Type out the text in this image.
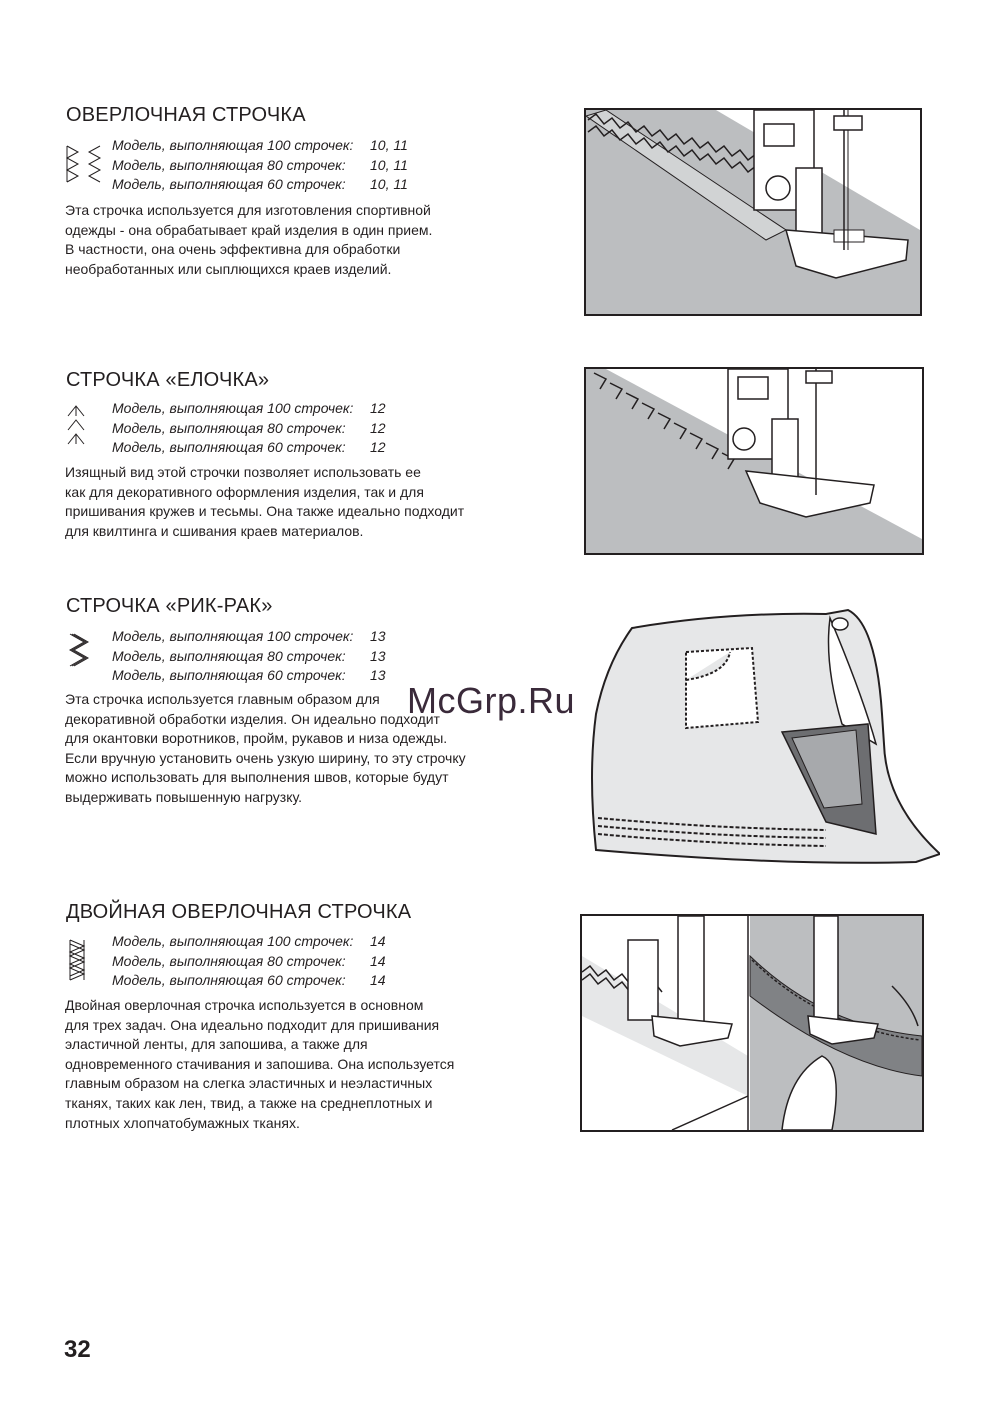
ОВЕРЛОЧНАЯ СТРОЧКА
Модель, выполняющая 100 строчек: 10, 11
Модель, выполняющая 80 строчек: 10, 11
Модель, выполняющая 60 строчек: 10, 11

Эта строчка используется для изготовления спортивной

одежды - она обрабатывает край изделия в один прием.

В частности, она очень эффективна для обработки

необработанных или сыплющихся краев изделий.

СТРОЧКА «ЕЛОЧКА»
Модель, выполняющая 100 строчек: 12
Модель, выполняющая 80 строчек: 12
Модель, выполняющая 60 строчек: 12

Изящный вид этой строчки позволяет использовать ее

как для декоративного оформления изделия, так и для

пришивания кружев и тесьмы. Она также идеально подходит

для квилтинга и сшивания краев материалов.

СТРОЧКА «РИК-РАК»
Модель, выполняющая 100 строчек: 13
Модель, выполняющая 80 строчек: 13
Модель, выполняющая 60 строчек: 13

Эта строчка используется главным образом для

декоративной обработки изделия. Он идеально подходит

для окантовки воротников, пройм, рукавов и низа одежды.

Если вручную установить очень узкую ширину, то эту строчку

можно использовать для выполнения швов, которые будут

выдерживать повышенную нагрузку.

ДВОЙНАЯ ОВЕРЛОЧНАЯ СТРОЧКА
Модель, выполняющая 100 строчек: 14
Модель, выполняющая 80 строчек: 14
Модель, выполняющая 60 строчек: 14

Двойная оверлочная строчка используется в основном

для трех задач. Она идеально подходит для пришивания

эластичной ленты, для запошива, а также для

одновременного стачивания и запошива. Она используется

главным образом на слегка эластичных и неэластичных

тканях, таких как лен, твид, а также на среднеплотных и

плотных хлопчатобумажных тканях.

McGrp.Ru
32
